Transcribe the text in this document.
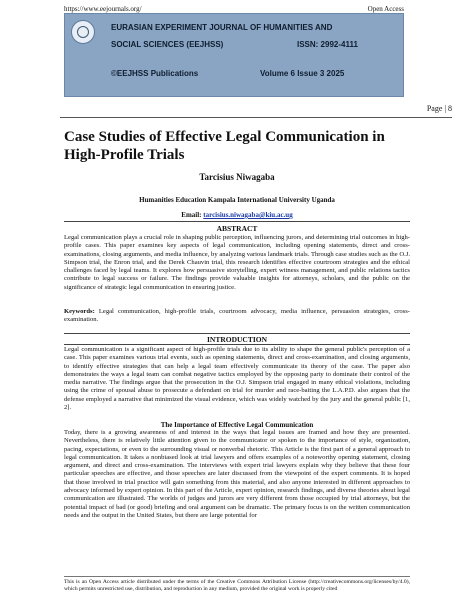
https://www.eejournals.org/	Open Access
EURASIAN EXPERIMENT JOURNAL OF HUMANITIES AND
SOCIAL SCIENCES (EEJHSS)	ISSN: 2992-4111
©EEJHSS Publications	Volume 6 Issue 3 2025
Page | 8
Case Studies of Effective Legal Communication in High-Profile Trials
Tarcisius Niwagaba
Humanities Education Kampala International University Uganda
Email: tarcisius.niwagaba@kiu.ac.ug
ABSTRACT
Legal communication plays a crucial role in shaping public perception, influencing jurors, and determining trial outcomes in high-profile cases. This paper examines key aspects of legal communication, including opening statements, direct and cross-examinations, closing arguments, and media influence, by analyzing various landmark trials. Through case studies such as the O.J. Simpson trial, the Enron trial, and the Derek Chauvin trial, this research identifies effective courtroom strategies and the ethical challenges faced by legal teams. It explores how persuasive storytelling, expert witness management, and public relations tactics contribute to legal success or failure. The findings provide valuable insights for attorneys, scholars, and the public on the significance of strategic legal communication in ensuring justice.
Keywords: Legal communication, high-profile trials, courtroom advocacy, media influence, persuasion strategies, cross-examination.
INTRODUCTION
Legal communication is a significant aspect of high-profile trials due to its ability to shape the general public's perception of a case. This paper examines various trial events, such as opening statements, direct and cross-examination, and closing arguments, to identify effective strategies that can help a legal team effectively communicate its theory of the case. The paper also demonstrates the ways a legal team can combat negative tactics employed by the opposing party to dominate their control of the media narrative. The findings argue that the prosecution in the O.J. Simpson trial engaged in many ethical violations, including using the crime of spousal abuse to prosecute a defendant on trial for murder and race-baiting the L.A.P.D. also argues that the defense employed a narrative that minimized the visual evidence, which was widely watched by the jury and the general public [1, 2].
The Importance of Effective Legal Communication
Today, there is a growing awareness of and interest in the ways that legal issues are framed and how they are presented. Nevertheless, there is relatively little attention given to the communicator or spoken to the importance of style, organization, pacing, expectations, or even to the surrounding visual or nonverbal rhetoric. This Article is the first part of a general approach to legal communication. It takes a nonbiased look at trial lawyers and offers examples of a noteworthy opening statement, closing argument, and direct and cross-examination. The interviews with expert trial lawyers explain why they believe that these four particular speeches are effective, and those speeches are later discussed from the viewpoint of the expert comments. It is hoped that those involved in trial practice will gain something from this material, and also anyone interested in different approaches to advocacy informed by expert opinion. In this part of the Article, expert opinion, research findings, and diverse theories about legal communication are illustrated. The worlds of judges and jurors are very different from those occupied by trial attorneys, but the potential impact of bad (or good) briefing and oral argument can be dramatic. The primary focus is on the written communication needs and the output in the United States, but there are large potential for
This is an Open Access article distributed under the terms of the Creative Commons Attribution License (http://creativecommons.org/licenses/by/4.0), which permits unrestricted use, distribution, and reproduction in any medium, provided the original work is properly cited
